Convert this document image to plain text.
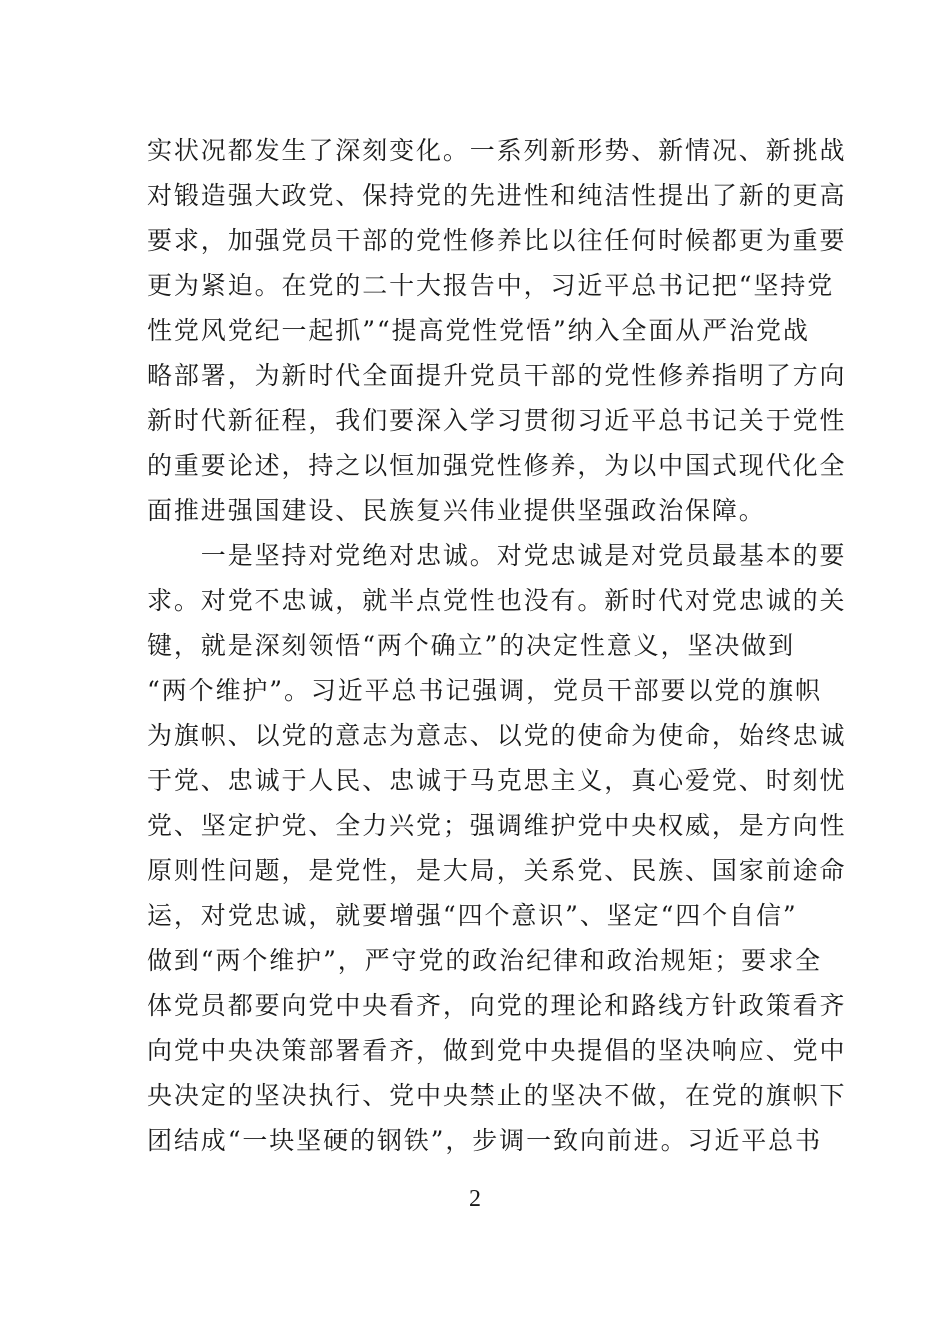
实状况都发生了深刻变化。一系列新形势、新情况、新挑战
对锻造强大政党、保持党的先进性和纯洁性提出了新的更高
要求，加强党员干部的党性修养比以往任何时候都更为重要
更为紧迫。在党的二十大报告中，习近平总书记把“坚持党
性党风党纪一起抓”“提高党性党悟”纳入全面从严治党战
略部署，为新时代全面提升党员干部的党性修养指明了方向
新时代新征程，我们要深入学习贯彻习近平总书记关于党性
的重要论述，持之以恒加强党性修养，为以中国式现代化全
面推进强国建设、民族复兴伟业提供坚强政治保障。
　　一是坚持对党绝对忠诚。对党忠诚是对党员最基本的要
求。对党不忠诚，就半点党性也没有。新时代对党忠诚的关
键，就是深刻领悟“两个确立”的决定性意义，坚决做到
“两个维护”。习近平总书记强调，党员干部要以党的旗帜
为旗帜、以党的意志为意志、以党的使命为使命，始终忠诚
于党、忠诚于人民、忠诚于马克思主义，真心爱党、时刻忧
党、坚定护党、全力兴党；强调维护党中央权威，是方向性
原则性问题，是党性，是大局，关系党、民族、国家前途命
运，对党忠诚，就要增强“四个意识”、坚定“四个自信”
做到“两个维护”，严守党的政治纪律和政治规矩；要求全
体党员都要向党中央看齐，向党的理论和路线方针政策看齐
向党中央决策部署看齐，做到党中央提倡的坚决响应、党中
央决定的坚决执行、党中央禁止的坚决不做，在党的旗帜下
团结成“一块坚硬的钢铁”，步调一致向前进。习近平总书
2
